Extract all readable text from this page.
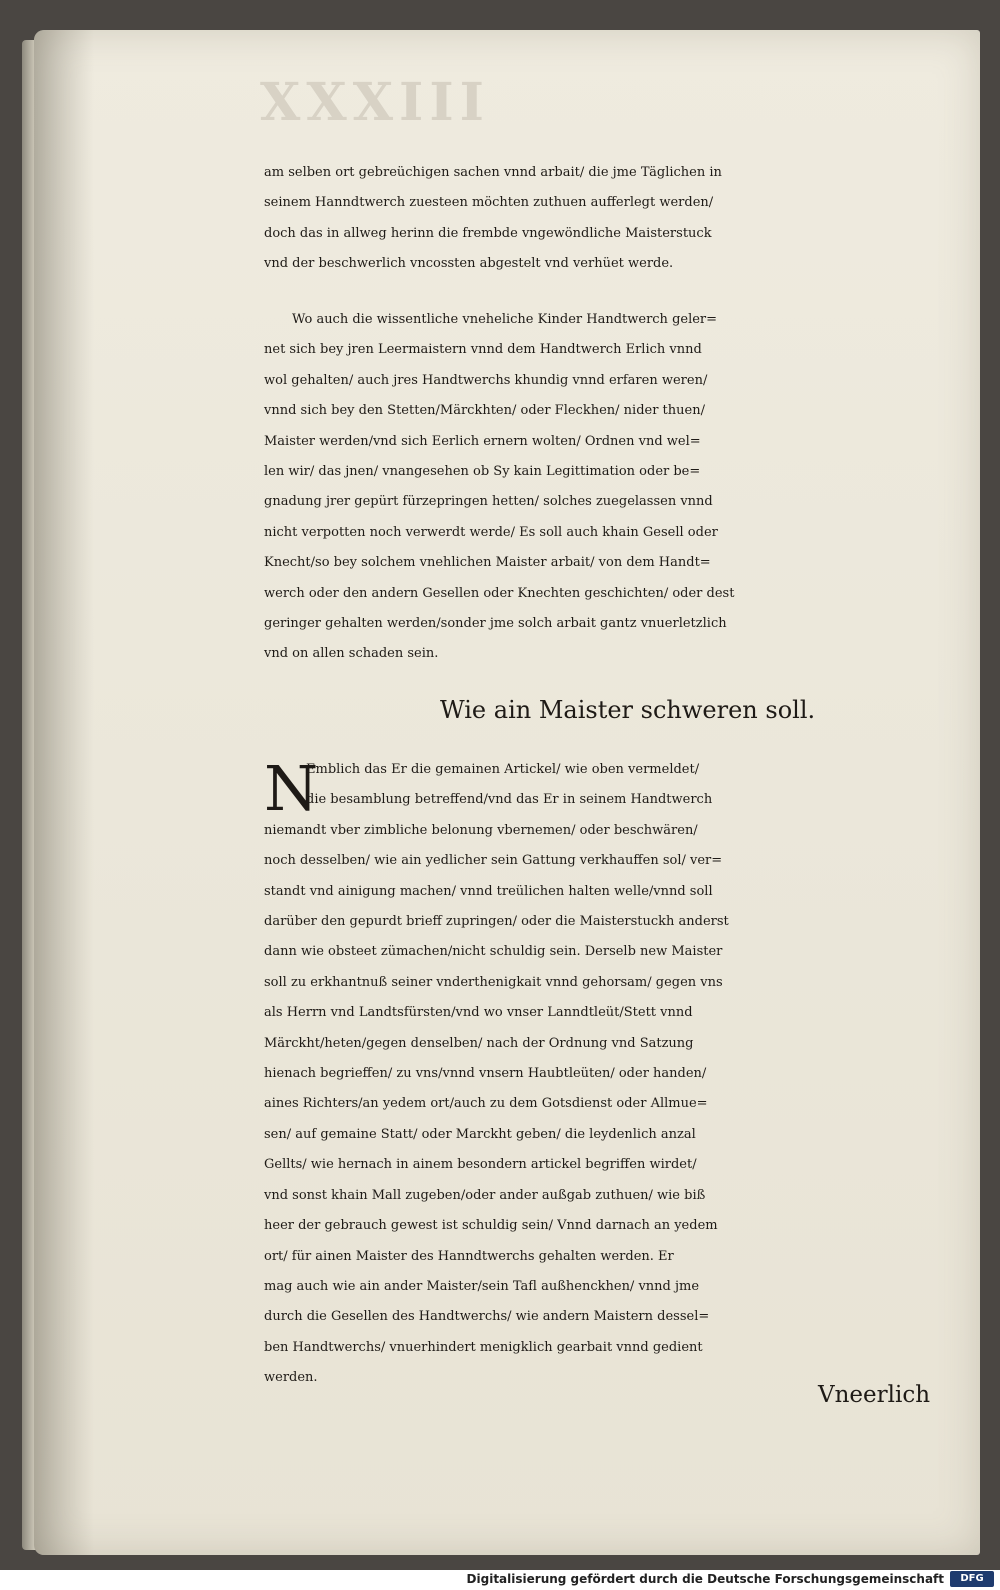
XXXIII
am selben ort gebreüchigen sachen vnnd arbait/ die jme Täglichen in
seinem Hanndtwerch zuesteen möchten zuthuen aufferlegt werden/
doch das in allweg herinn die frembde vngewöndliche Maisterstuck
vnd der beschwerlich vncossten abgestelt vnd verhüet werde.
Wo auch die wissentliche vneheliche Kinder Handtwerch geler=
net sich bey jren Leermaistern vnnd dem Handtwerch Erlich vnnd
wol gehalten/ auch jres Handtwerchs khundig vnnd erfaren weren/
vnnd sich bey den Stetten/Märckhten/ oder Fleckhen/ nider thuen/
Maister werden/vnd sich Eerlich ernern wolten/ Ordnen vnd wel=
len wir/ das jnen/ vnangesehen ob Sy kain Legittimation oder be=
gnadung jrer gepürt fürzepringen hetten/ solches zuegelassen vnnd
nicht verpotten noch verwerdt werde/ Es soll auch khain Gesell oder
Knecht/so bey solchem vnehlichen Maister arbait/ von dem Handt=
werch oder den andern Gesellen oder Knechten geschichten/ oder dest
geringer gehalten werden/sonder jme solch arbait gantz vnuerletzlich
vnd on allen schaden sein.
Wie ain Maister schweren soll.
N
Emblich das Er die gemainen Artickel/ wie oben vermeldet/
die besamblung betreffend/vnd das Er in seinem Handtwerch
niemandt vber zimbliche belonung vbernemen/ oder beschwären/
noch desselben/ wie ain yedlicher sein Gattung verkhauffen sol/ ver=
standt vnd ainigung machen/ vnnd treülichen halten welle/vnnd soll
darüber den gepurdt brieff zupringen/ oder die Maisterstuckh anderst
dann wie obsteet zümachen/nicht schuldig sein. Derselb new Maister
soll zu erkhantnuß seiner vnderthenigkait vnnd gehorsam/ gegen vns
als Herrn vnd Landtsfürsten/vnd wo vnser Lanndtleüt/Stett vnnd
Märckht/heten/gegen denselben/ nach der Ordnung vnd Satzung
hienach begrieffen/ zu vns/vnnd vnsern Haubtleüten/ oder handen/
aines Richters/an yedem ort/auch zu dem Gotsdienst oder Allmue=
sen/ auf gemaine Statt/ oder Marckht geben/ die leydenlich anzal
Gellts/ wie hernach in ainem besondern artickel begriffen wirdet/
vnd sonst khain Mall zugeben/oder ander außgab zuthuen/ wie biß
heer der gebrauch gewest ist schuldig sein/ Vnnd darnach an yedem
ort/ für ainen Maister des Hanndtwerchs gehalten werden. Er
mag auch wie ain ander Maister/sein Tafl außhenckhen/ vnnd jme
durch die Gesellen des Handtwerchs/ wie andern Maistern dessel=
ben Handtwerchs/ vnuerhindert menigklich gearbait vnnd gedient
werden.
Vneerlich
Digitalisierung gefördert durch die Deutsche Forschungsgemeinschaft	DFG
